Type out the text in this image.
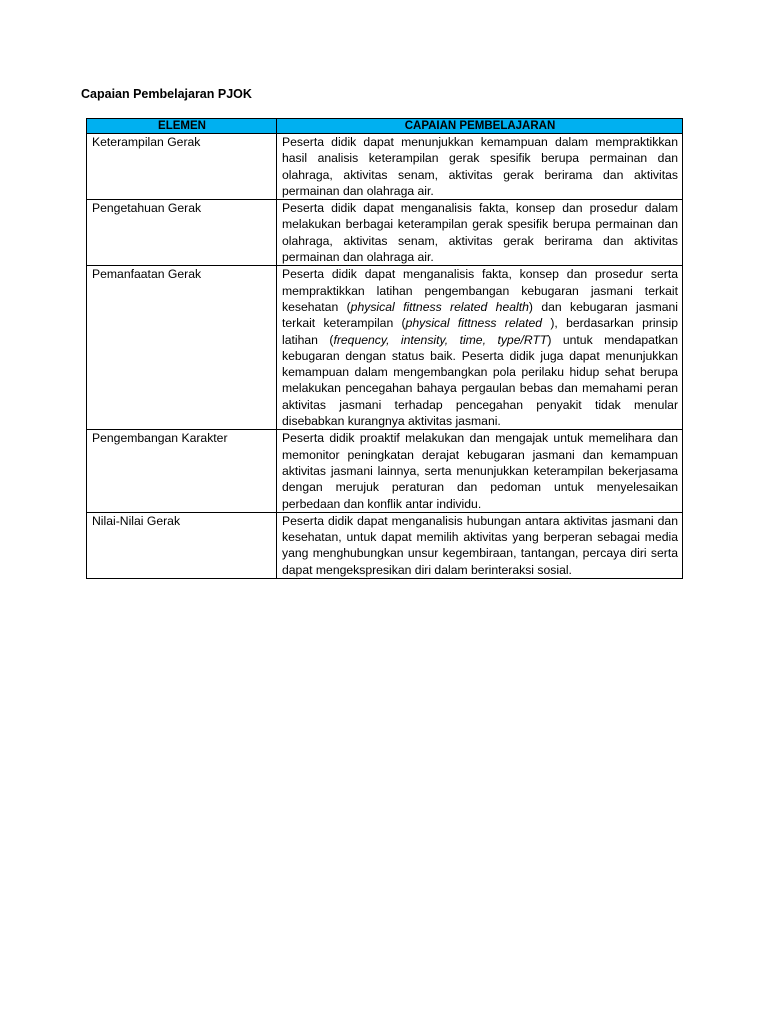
Capaian Pembelajaran PJOK
ELEMEN	CAPAIAN PEMBELAJARAN
Keterampilan Gerak	Peserta didik dapat menunjukkan kemampuan dalam mempraktikkan hasil analisis keterampilan gerak spesifik berupa permainan dan olahraga, aktivitas senam, aktivitas gerak berirama dan aktivitas permainan dan olahraga air.
Pengetahuan Gerak	Peserta didik dapat menganalisis fakta, konsep dan prosedur dalam melakukan berbagai keterampilan gerak spesifik berupa permainan dan olahraga, aktivitas senam, aktivitas gerak berirama dan aktivitas permainan dan olahraga air.
Pemanfaatan Gerak	Peserta didik dapat menganalisis fakta, konsep dan prosedur serta mempraktikkan latihan pengembangan kebugaran jasmani terkait kesehatan (physical fittness related health) dan kebugaran jasmani terkait keterampilan (physical fittness related ), berdasarkan prinsip latihan (frequency, intensity, time, type/RTT) untuk mendapatkan kebugaran dengan status baik. Peserta didik juga dapat menunjukkan kemampuan dalam mengembangkan pola perilaku hidup sehat berupa melakukan pencegahan bahaya pergaulan bebas dan memahami peran aktivitas jasmani terhadap pencegahan penyakit tidak menular disebabkan kurangnya aktivitas jasmani.
Pengembangan Karakter	Peserta didik proaktif melakukan dan mengajak untuk memelihara dan memonitor peningkatan derajat kebugaran jasmani dan kemampuan aktivitas jasmani lainnya, serta menunjukkan keterampilan bekerjasama dengan merujuk peraturan dan pedoman untuk menyelesaikan perbedaan dan konflik antar individu.
Nilai-Nilai Gerak	Peserta didik dapat menganalisis hubungan antara aktivitas jasmani dan kesehatan, untuk dapat memilih aktivitas yang berperan sebagai media yang menghubungkan unsur kegembiraan, tantangan, percaya diri serta dapat mengekspresikan diri dalam berinteraksi sosial.
